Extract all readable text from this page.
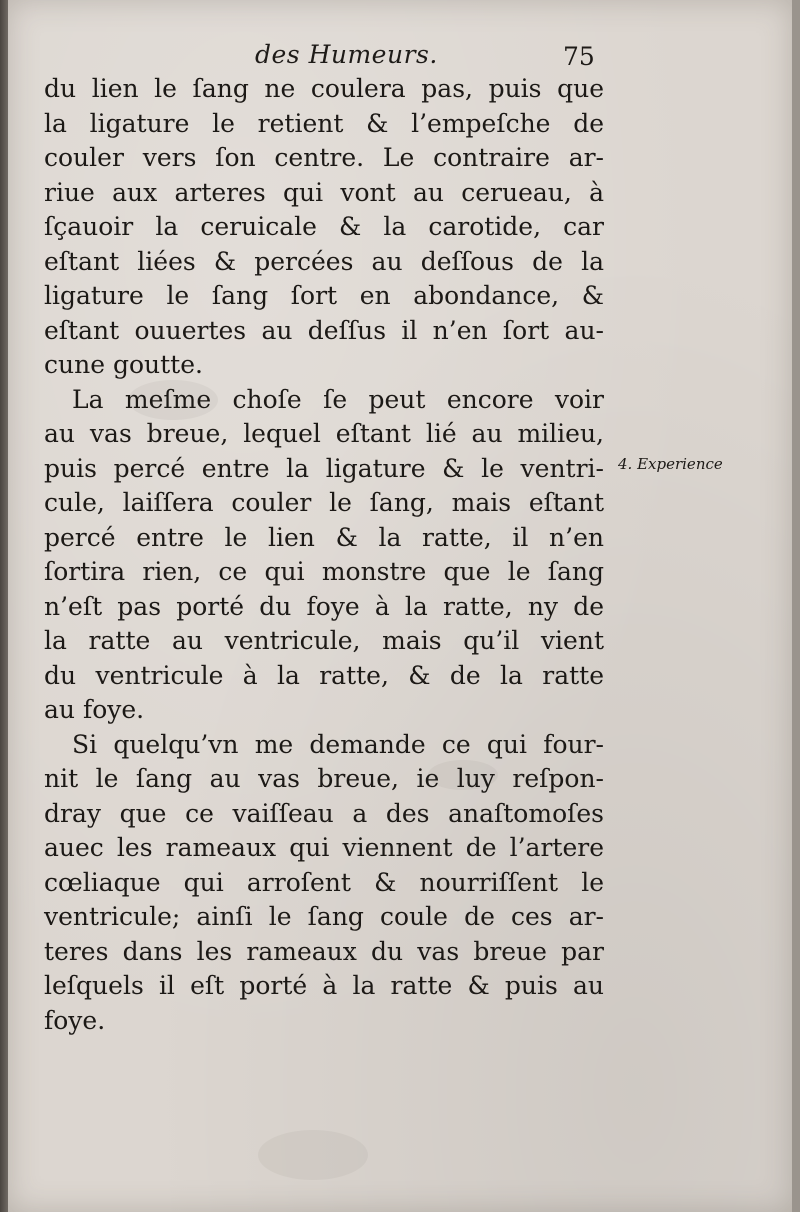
des Humeurs.	75
du lien le ſang ne coulera pas, puis que
la ligature le retient & l’empeſche de
couler vers ſon centre. Le contraire ar-
riue aux arteres qui vont au cerueau, à
ſçauoir la ceruicale & la carotide, car
eſtant liées & percées au deſſous de la
ligature le ſang ſort en abondance, &
eſtant ouuertes au deſſus il n’en ſort au-
cune goutte.
La meſme choſe ſe peut encore voir
au vas breue, lequel eſtant lié au milieu,
puis percé entre la ligature & le ventri-
cule, laiſſera couler le ſang, mais eſtant
percé entre le lien & la ratte, il n’en
ſortira rien, ce qui monstre que le ſang
n’eſt pas porté du foye à la ratte, ny de
la ratte au ventricule, mais qu’il vient
du ventricule à la ratte, & de la ratte
au foye.
Si quelqu’vn me demande ce qui four-
nit le ſang au vas breue, ie luy reſpon-
dray que ce vaiſſeau a des anaſtomoſes
auec les rameaux qui viennent de l’artere
cœliaque qui arroſent & nourriſſent le
ventricule; ainſi le ſang coule de ces ar-
teres dans les rameaux du vas breue par
leſquels il eſt porté à la ratte & puis au
foye.
4. Experience
